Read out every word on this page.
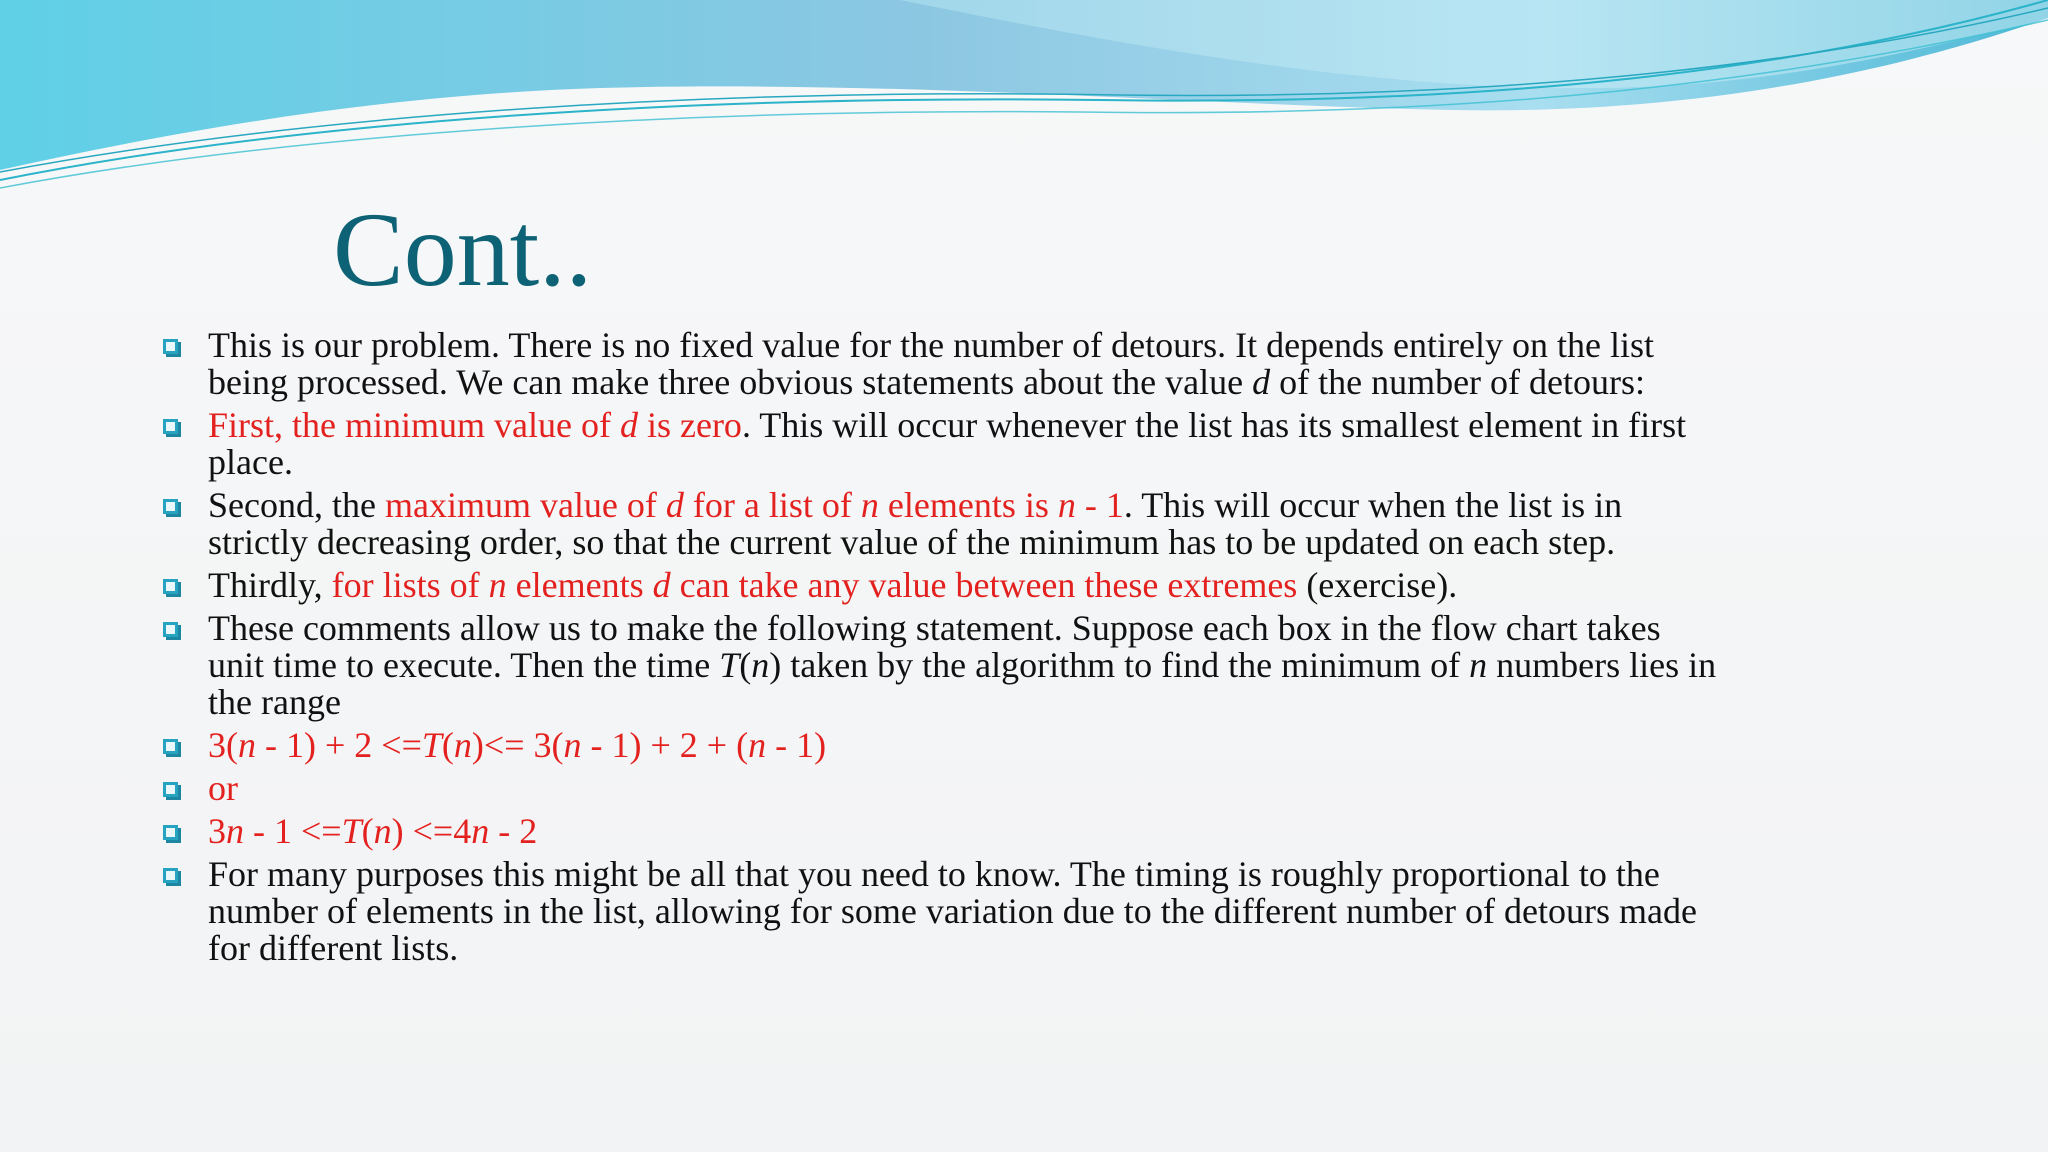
Cont..
This is our problem. There is no fixed value for the number of detours. It depends entirely on the list being processed. We can make three obvious statements about the value d of the number of detours:
First, the minimum value of d is zero. This will occur whenever the list has its smallest element in first place.
Second, the maximum value of d for a list of n elements is n - 1. This will occur when the list is in strictly decreasing order, so that the current value of the minimum has to be updated on each step.
Thirdly, for lists of n elements d can take any value between these extremes (exercise).
These comments allow us to make the following statement. Suppose each box in the flow chart takes unit time to execute. Then the time T(n) taken by the algorithm to find the minimum of n numbers lies in the range
3(n - 1) + 2 <=T(n)<= 3(n - 1) + 2 + (n - 1)
or
3n - 1 <=T(n) <=4n - 2
For many purposes this might be all that you need to know. The timing is roughly proportional to the number of elements in the list, allowing for some variation due to the different number of detours made for different lists.
